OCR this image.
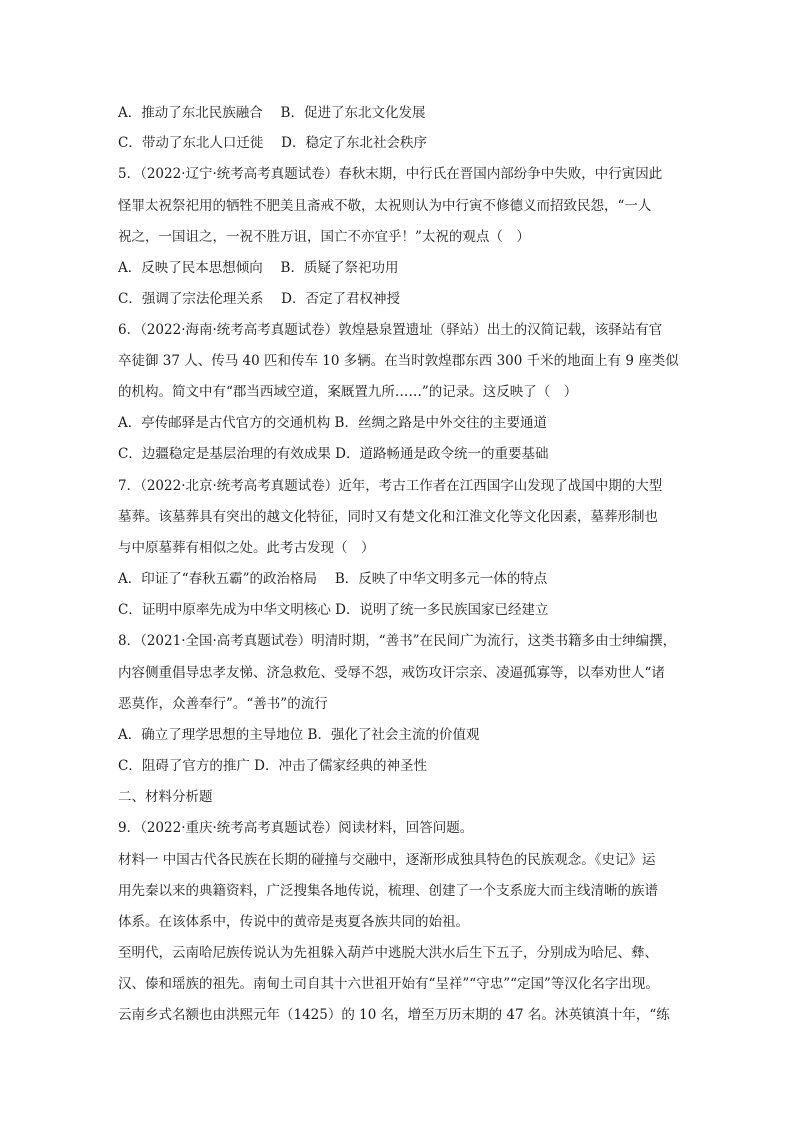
A．推动了东北民族融合　 B．促进了东北文化发展
C．带动了东北人口迁徙　 D．稳定了东北社会秩序
5．（2022·辽宁·统考高考真题试卷）春秋末期，中行氏在晋国内部纷争中失败，中行寅因此
怪罪太祝祭祀用的牺牲不肥美且斋戒不敬，太祝则认为中行寅不修德义而招致民怨，“一人
祝之，一国诅之，一祝不胜万诅，国亡不亦宜乎！”太祝的观点（　）
A．反映了民本思想倾向　 B．质疑了祭祀功用
C．强调了宗法伦理关系　 D．否定了君权神授
6．（2022·海南·统考高考真题试卷）敦煌悬泉置遗址（驿站）出土的汉简记载，该驿站有官
卒徒御 37 人、传马 40 匹和传车 10 多辆。在当时敦煌郡东西 300 千米的地面上有 9 座类似
的机构。简文中有“郡当西域空道，案厩置九所……”的记录。这反映了（　）
A．亭传邮驿是古代官方的交通机构 B．丝绸之路是中外交往的主要通道
C．边疆稳定是基层治理的有效成果 D．道路畅通是政令统一的重要基础
7．（2022·北京·统考高考真题试卷）近年，考古工作者在江西国字山发现了战国中期的大型
墓葬。该墓葬具有突出的越文化特征，同时又有楚文化和江淮文化等文化因素，墓葬形制也
与中原墓葬有相似之处。此考古发现（　）
A．印证了“春秋五霸”的政治格局　 B．反映了中华文明多元一体的特点
C．证明中原率先成为中华文明核心 D．说明了统一多民族国家已经建立
8．（2021·全国·高考真题试卷）明清时期，“善书”在民间广为流行，这类书籍多由士绅编撰，
内容侧重倡导忠孝友悌、济急救危、受辱不怨，戒饬攻讦宗亲、凌逼孤寡等，以奉劝世人“诸
恶莫作，众善奉行”。“善书”的流行
A．确立了理学思想的主导地位 B．强化了社会主流的价值观
C．阻碍了官方的推广 D．冲击了儒家经典的神圣性
二、材料分析题
9．（2022·重庆·统考高考真题试卷）阅读材料，回答问题。
材料一 中国古代各民族在长期的碰撞与交融中，逐渐形成独具特色的民族观念。《史记》运
用先秦以来的典籍资料，广泛搜集各地传说，梳理、创建了一个支系庞大而主线清晰的族谱
体系。在该体系中，传说中的黄帝是夷夏各族共同的始祖。
至明代，云南哈尼族传说认为先祖躲入葫芦中逃脱大洪水后生下五子，分别成为哈尼、彝、
汉、傣和瑶族的祖先。南甸土司自其十六世祖开始有“呈祥”“守忠”“定国”等汉化名字出现。
云南乡式名额也由洪熙元年（1425）的 10 名，增至万历末期的 47 名。沐英镇滇十年，“练
